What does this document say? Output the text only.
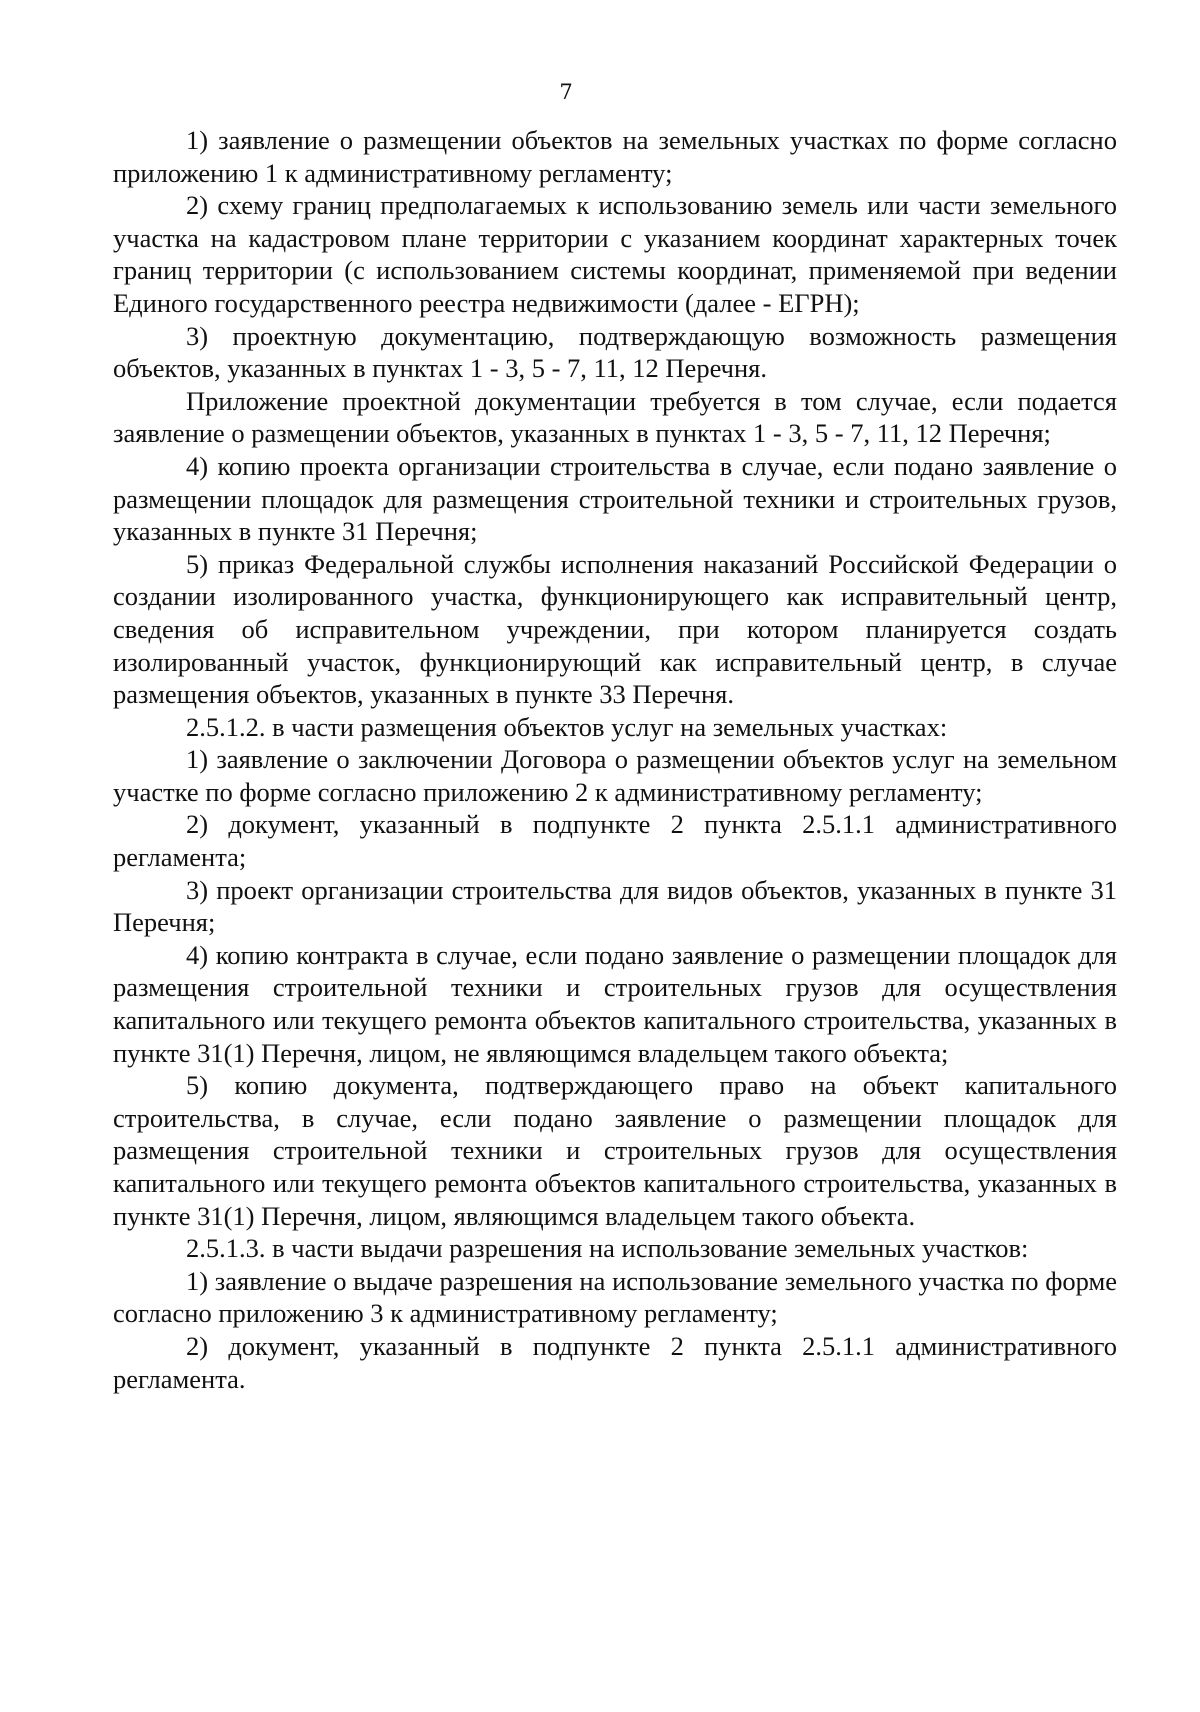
7

1) заявление о размещении объектов на земельных участках по форме согласно приложению 1 к административному регламенту;

2) схему границ предполагаемых к использованию земель или части земельного участка на кадастровом плане территории с указанием координат характерных точек границ территории (с использованием системы координат, применяемой при ведении Единого государственного реестра недвижимости (далее - ЕГРН);

3) проектную документацию, подтверждающую возможность размещения объектов, указанных в пунктах 1 - 3, 5 - 7, 11, 12 Перечня.

Приложение проектной документации требуется в том случае, если подается заявление о размещении объектов, указанных в пунктах 1 - 3, 5 - 7, 11, 12 Перечня;

4) копию проекта организации строительства в случае, если подано заявление о размещении площадок для размещения строительной техники и строительных грузов, указанных в пункте 31 Перечня;

5) приказ Федеральной службы исполнения наказаний Российской Федерации о создании изолированного участка, функционирующего как исправительный центр, сведения об исправительном учреждении, при котором планируется создать изолированный участок, функционирующий как исправительный центр, в случае размещения объектов, указанных в пункте 33 Перечня.

2.5.1.2. в части размещения объектов услуг на земельных участках:

1) заявление о заключении Договора о размещении объектов услуг на земельном участке по форме согласно приложению 2 к административному регламенту;

2) документ, указанный в подпункте 2 пункта 2.5.1.1 административного регламента;

3) проект организации строительства для видов объектов, указанных в пункте 31 Перечня;

4) копию контракта в случае, если подано заявление о размещении площадок для размещения строительной техники и строительных грузов для осуществления капитального или текущего ремонта объектов капитального строительства, указанных в пункте 31(1) Перечня, лицом, не являющимся владельцем такого объекта;

5) копию документа, подтверждающего право на объект капитального строительства, в случае, если подано заявление о размещении площадок для размещения строительной техники и строительных грузов для осуществления капитального или текущего ремонта объектов капитального строительства, указанных в пункте 31(1) Перечня, лицом, являющимся владельцем такого объекта.

2.5.1.3. в части выдачи разрешения на использование земельных участков:

1) заявление о выдаче разрешения на использование земельного участка по форме согласно приложению 3 к административному регламенту;

2) документ, указанный в подпункте 2 пункта 2.5.1.1 административного регламента.
